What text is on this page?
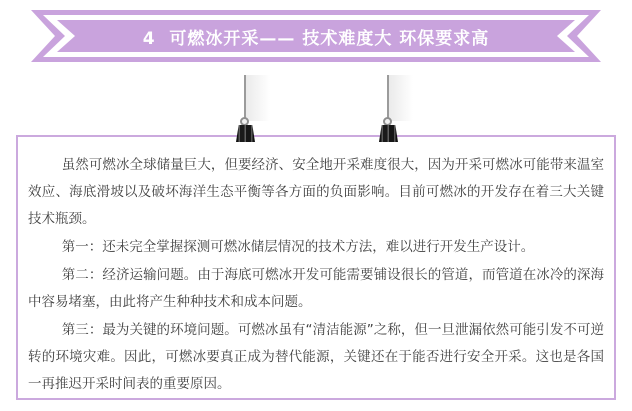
4  可燃冰开采—— 技术难度大 环保要求高

虽然可燃冰全球储量巨大，但要经济、安全地开采难度很大，因为开采可燃冰可能带来温室效应、海底滑坡以及破坏海洋生态平衡等各方面的负面影响。目前可燃冰的开发存在着三大关键技术瓶颈。

第一：还未完全掌握探测可燃冰储层情况的技术方法，难以进行开发生产设计。

第二：经济运输问题。由于海底可燃冰开发可能需要铺设很长的管道，而管道在冰冷的深海中容易堵塞，由此将产生种种技术和成本问题。

第三：最为关键的环境问题。可燃冰虽有“清洁能源”之称，但一旦泄漏依然可能引发不可逆转的环境灾难。因此，可燃冰要真正成为替代能源，关键还在于能否进行安全开采。这也是各国一再推迟开采时间表的重要原因。
